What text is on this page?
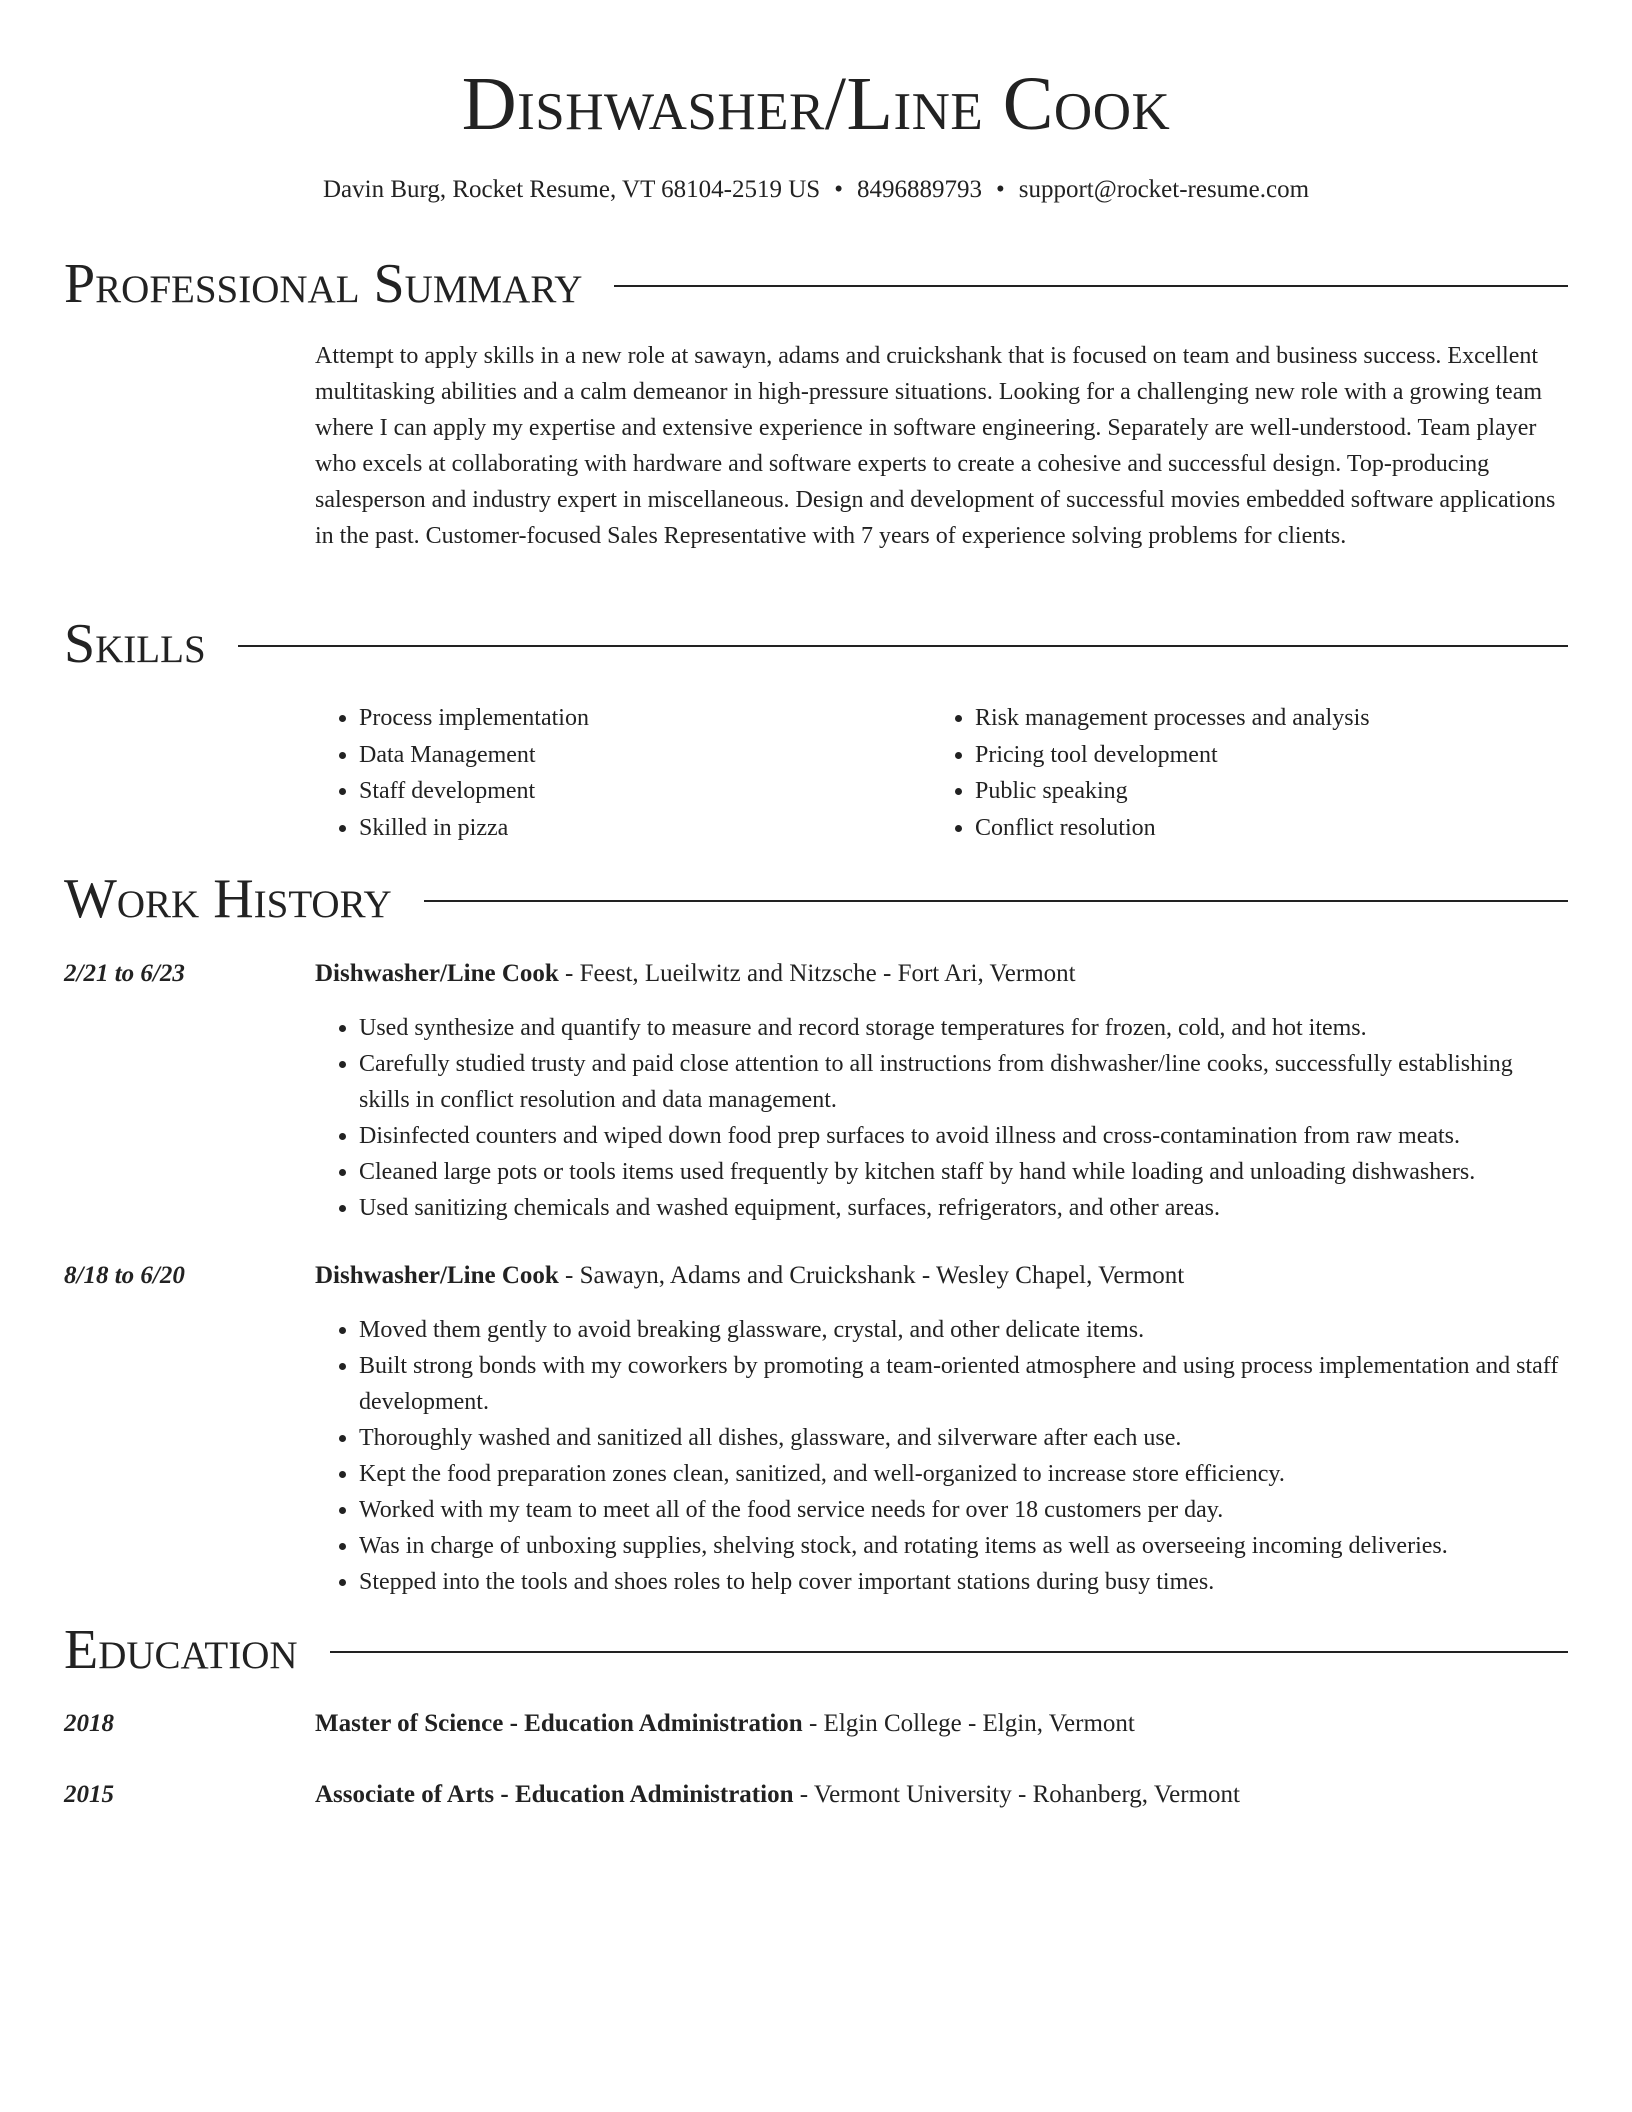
Dishwasher/Line Cook
Davin Burg, Rocket Resume, VT 68104-2519 US • 8496889793 • support@rocket-resume.com
Professional Summary

Attempt to apply skills in a new role at sawayn, adams and cruickshank that is focused on team and business success. Excellent multitasking abilities and a calm demeanor in high-pressure situations. Looking for a challenging new role with a growing team where I can apply my expertise and extensive experience in software engineering. Separately are well-understood. Team player who excels at collaborating with hardware and software experts to create a cohesive and successful design. Top-producing salesperson and industry expert in miscellaneous. Design and development of successful movies embedded software applications in the past. Customer-focused Sales Representative with 7 years of experience solving problems for clients.

Skills
• Process implementation
• Data Management
• Staff development
• Skilled in pizza
• Risk management processes and analysis
• Pricing tool development
• Public speaking
• Conflict resolution
Work History
2/21 to 6/23	Dishwasher/Line Cook - Feest, Lueilwitz and Nitzsche - Fort Ari, Vermont
• Used synthesize and quantify to measure and record storage temperatures for frozen, cold, and hot items.
• Carefully studied trusty and paid close attention to all instructions from dishwasher/line cooks, successfully establishing skills in conflict resolution and data management.
• Disinfected counters and wiped down food prep surfaces to avoid illness and cross-contamination from raw meats.
• Cleaned large pots or tools items used frequently by kitchen staff by hand while loading and unloading dishwashers.
• Used sanitizing chemicals and washed equipment, surfaces, refrigerators, and other areas.
8/18 to 6/20	Dishwasher/Line Cook - Sawayn, Adams and Cruickshank - Wesley Chapel, Vermont
• Moved them gently to avoid breaking glassware, crystal, and other delicate items.
• Built strong bonds with my coworkers by promoting a team-oriented atmosphere and using process implementation and staff development.
• Thoroughly washed and sanitized all dishes, glassware, and silverware after each use.
• Kept the food preparation zones clean, sanitized, and well-organized to increase store efficiency.
• Worked with my team to meet all of the food service needs for over 18 customers per day.
• Was in charge of unboxing supplies, shelving stock, and rotating items as well as overseeing incoming deliveries.
• Stepped into the tools and shoes roles to help cover important stations during busy times.
Education
2018	Master of Science - Education Administration - Elgin College - Elgin, Vermont
2015	Associate of Arts - Education Administration - Vermont University - Rohanberg, Vermont
